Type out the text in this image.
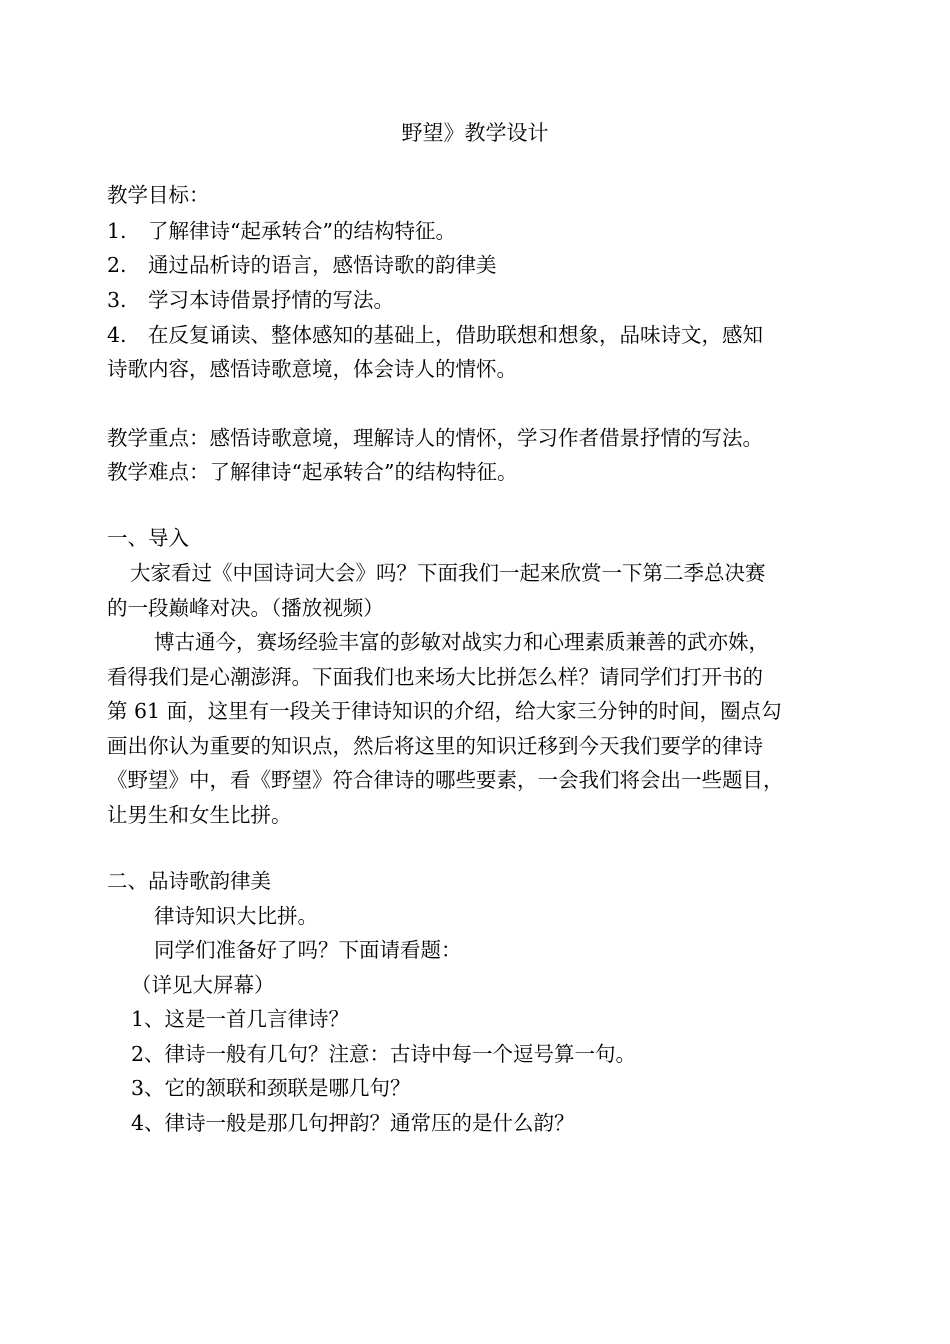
野望》教学设计
教学目标：
1. 了解律诗“起承转合”的结构特征。
2. 通过品析诗的语言，感悟诗歌的韵律美
3. 学习本诗借景抒情的写法。
4. 在反复诵读、整体感知的基础上，借助联想和想象，品味诗文，感知
诗歌内容，感悟诗歌意境，体会诗人的情怀。
教学重点：感悟诗歌意境，理解诗人的情怀，学习作者借景抒情的写法。
教学难点：了解律诗“起承转合”的结构特征。
一、导入
大家看过《中国诗词大会》吗？下面我们一起来欣赏一下第二季总决赛
的一段巅峰对决。（播放视频）
博古通今，赛场经验丰富的彭敏对战实力和心理素质兼善的武亦姝，
看得我们是心潮澎湃。下面我们也来场大比拼怎么样？请同学们打开书的
第 61 面，这里有一段关于律诗知识的介绍，给大家三分钟的时间，圈点勾
画出你认为重要的知识点，然后将这里的知识迁移到今天我们要学的律诗
《野望》中，看《野望》符合律诗的哪些要素，一会我们将会出一些题目，
让男生和女生比拼。
二、品诗歌韵律美
律诗知识大比拼。
同学们准备好了吗？下面请看题：
（详见大屏幕）
1、这是一首几言律诗？
2、律诗一般有几句？注意：古诗中每一个逗号算一句。
3、它的颔联和颈联是哪几句？
4、律诗一般是那几句押韵？通常压的是什么韵？
